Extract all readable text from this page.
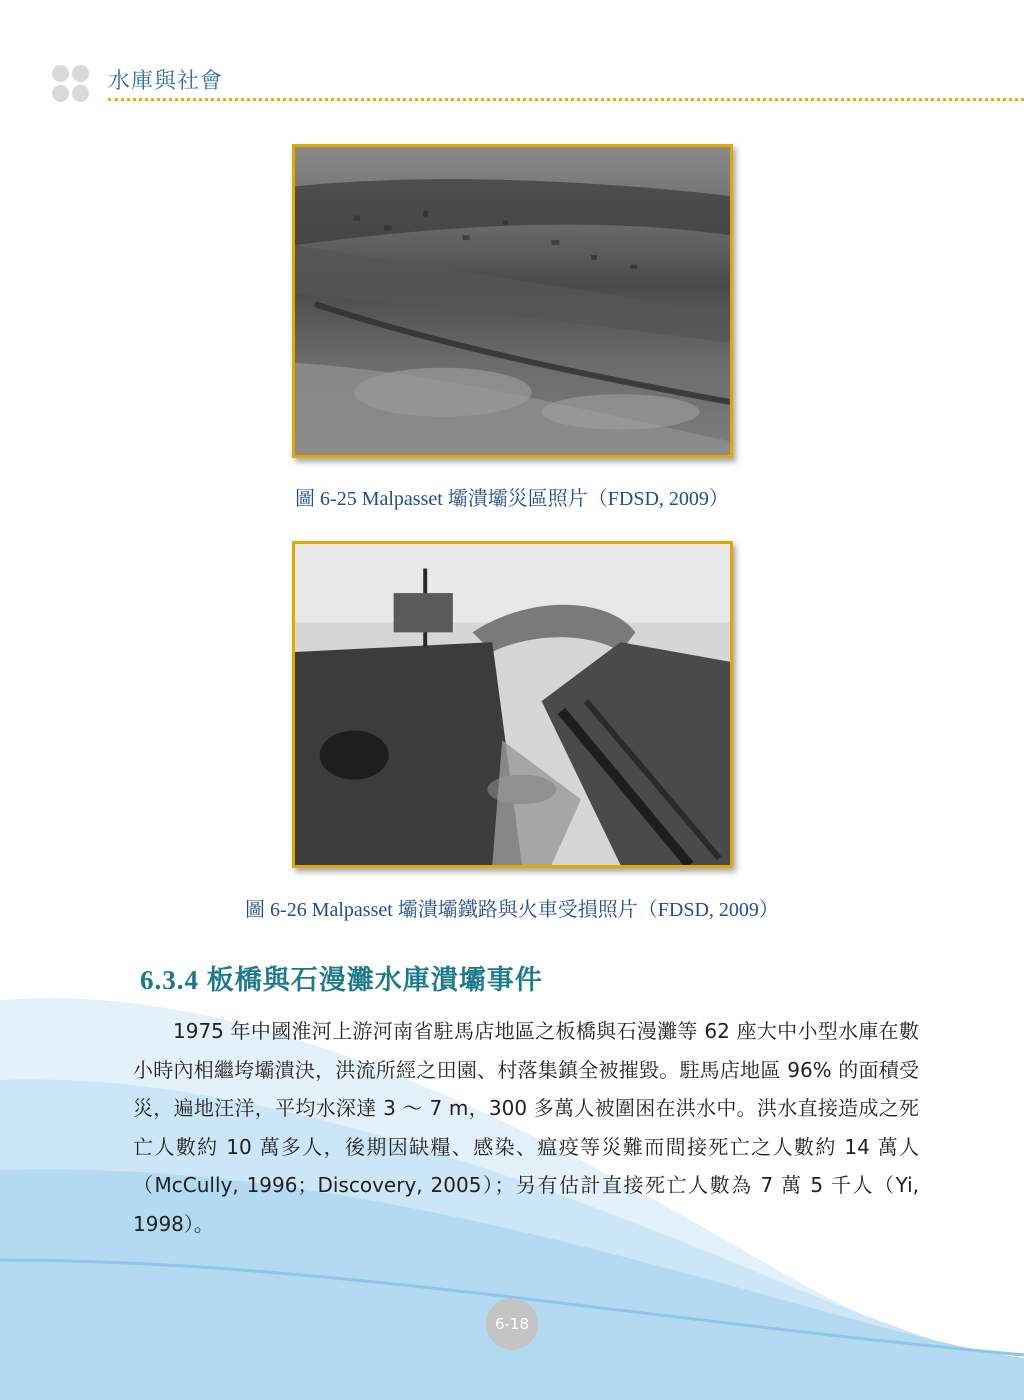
水庫與社會
圖 6-25 Malpasset 壩潰壩災區照片（FDSD, 2009）
圖 6-26 Malpasset 壩潰壩鐵路與火車受損照片（FDSD, 2009）
6.3.4 板橋與石漫灘水庫潰壩事件

1975 年中國淮河上游河南省駐馬店地區之板橋與石漫灘等 62 座大中小型水庫在數小時內相繼垮壩潰決，洪流所經之田園、村落集鎮全被摧毀。駐馬店地區 96% 的面積受災，遍地汪洋，平均水深達 3 ～ 7 m，300 多萬人被圍困在洪水中。洪水直接造成之死亡人數約 10 萬多人，後期因缺糧、感染、瘟疫等災難而間接死亡之人數約 14 萬人（McCully, 1996；Discovery, 2005）；另有估計直接死亡人數為 7 萬 5 千人（Yi, 1998）。

6-18
